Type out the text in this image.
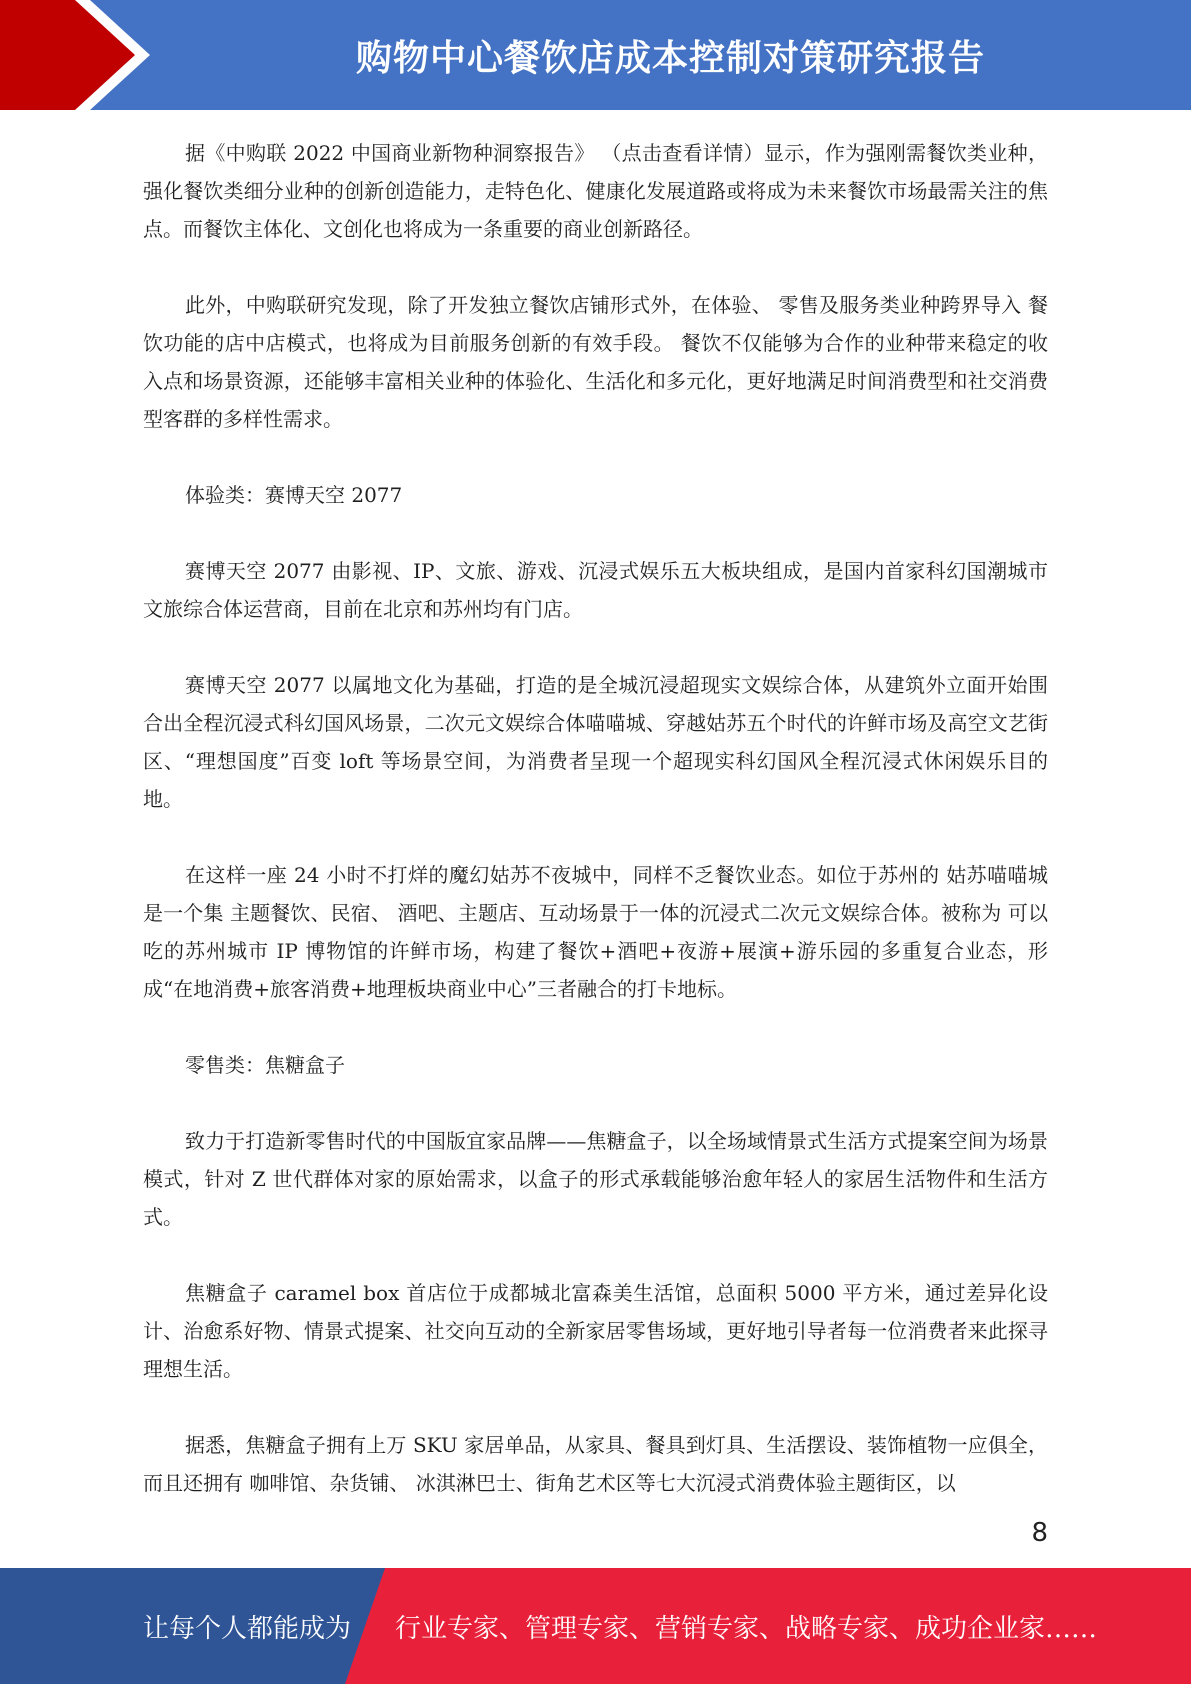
购物中心餐饮店成本控制对策研究报告

据《中购联 2022 中国商业新物种洞察报告》 （点击查看详情）显示，作为强刚需餐饮类业种，强化餐饮类细分业种的创新创造能力，走特色化、健康化发展道路或将成为未来餐饮市场最需关注的焦点。而餐饮主体化、文创化也将成为一条重要的商业创新路径。

此外，中购联研究发现，除了开发独立餐饮店铺形式外，在体验、 零售及服务类业种跨界导入 餐饮功能的店中店模式，也将成为目前服务创新的有效手段。 餐饮不仅能够为合作的业种带来稳定的收入点和场景资源，还能够丰富相关业种的体验化、生活化和多元化，更好地满足时间消费型和社交消费型客群的多样性需求。

体验类：赛博天空 2077

赛博天空 2077 由影视、IP、文旅、游戏、沉浸式娱乐五大板块组成，是国内首家科幻国潮城市文旅综合体运营商，目前在北京和苏州均有门店。

赛博天空 2077 以属地文化为基础，打造的是全城沉浸超现实文娱综合体，从建筑外立面开始围合出全程沉浸式科幻国风场景，二次元文娱综合体喵喵城、穿越姑苏五个时代的许鲜市场及高空文艺街区、“理想国度”百变 loft 等场景空间，为消费者呈现一个超现实科幻国风全程沉浸式休闲娱乐目的地。

在这样一座 24 小时不打烊的魔幻姑苏不夜城中，同样不乏餐饮业态。如位于苏州的 姑苏喵喵城是一个集 主题餐饮、民宿、 酒吧、主题店、互动场景于一体的沉浸式二次元文娱综合体。被称为 可以吃的苏州城市 IP 博物馆的许鲜市场，构建了餐饮+酒吧+夜游+展演+游乐园的多重复合业态，形成“在地消费+旅客消费+地理板块商业中心”三者融合的打卡地标。

零售类：焦糖盒子

致力于打造新零售时代的中国版宜家品牌——焦糖盒子，以全场域情景式生活方式提案空间为场景模式，针对 Z 世代群体对家的原始需求，以盒子的形式承载能够治愈年轻人的家居生活物件和生活方式。

焦糖盒子 caramel box 首店位于成都城北富森美生活馆，总面积 5000 平方米，通过差异化设计、治愈系好物、情景式提案、社交向互动的全新家居零售场域，更好地引导者每一位消费者来此探寻理想生活。

据悉，焦糖盒子拥有上万 SKU 家居单品，从家具、餐具到灯具、生活摆设、装饰植物一应俱全，而且还拥有 咖啡馆、杂货铺、 冰淇淋巴士、街角艺术区等七大沉浸式消费体验主题街区，以

8
让每个人都能成为 行业专家、管理专家、营销专家、战略专家、成功企业家……
